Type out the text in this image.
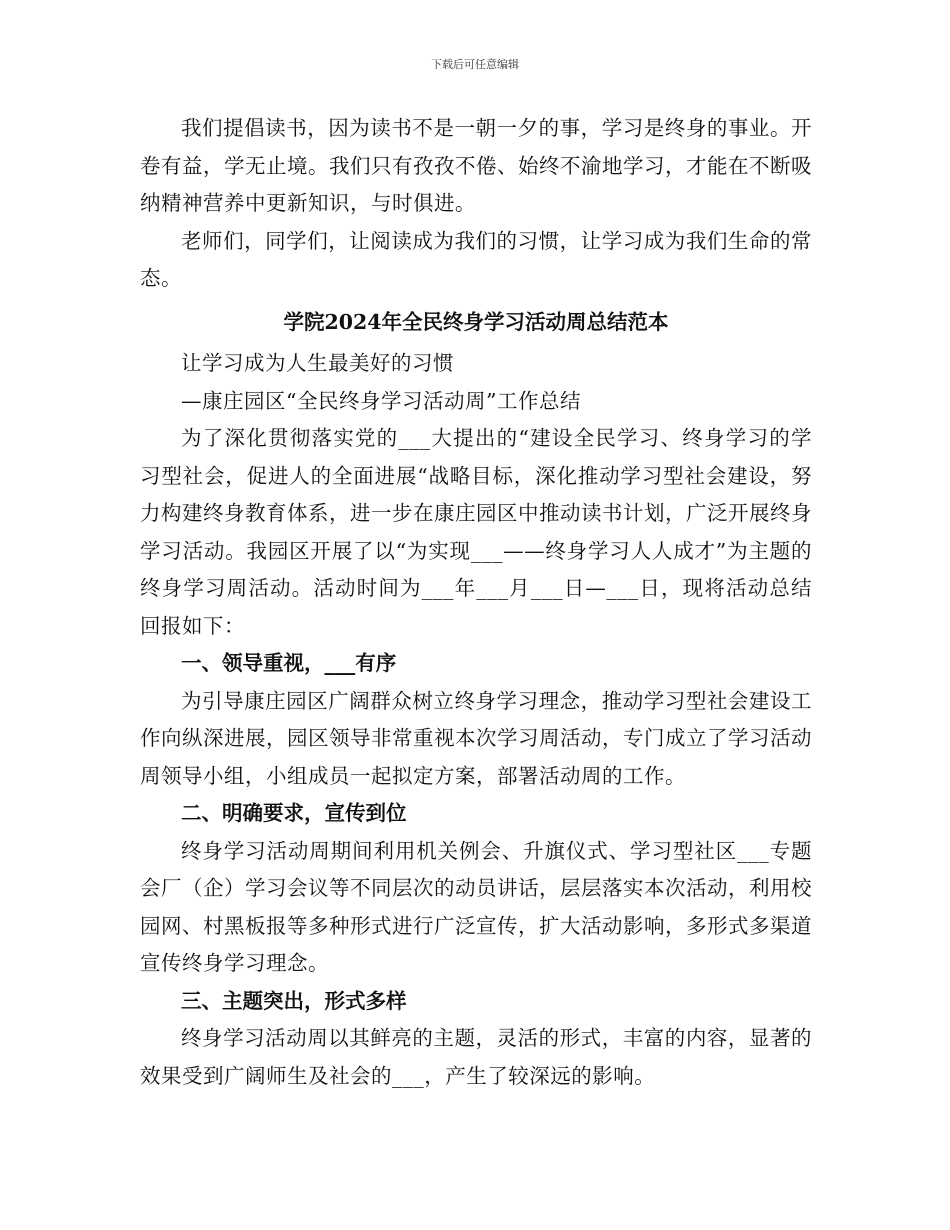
下载后可任意编辑

我们提倡读书，因为读书不是一朝一夕的事，学习是终身的事业。开卷有益，学无止境。我们只有孜孜不倦、始终不渝地学习，才能在不断吸纳精神营养中更新知识，与时俱进。

老师们，同学们，让阅读成为我们的习惯，让学习成为我们生命的常态。

学院2024年全民终身学习活动周总结范本

让学习成为人生最美好的习惯

—康庄园区“全民终身学习活动周”工作总结

为了深化贯彻落实党的___大提出的“建设全民学习、终身学习的学习型社会，促进人的全面进展“战略目标，深化推动学习型社会建设，努力构建终身教育体系，进一步在康庄园区中推动读书计划，广泛开展终身学习活动。我园区开展了以“为实现___——终身学习人人成才”为主题的终身学习周活动。活动时间为___年___月___日—___日，现将活动总结回报如下：

一、领导重视，___有序

为引导康庄园区广阔群众树立终身学习理念，推动学习型社会建设工作向纵深进展，园区领导非常重视本次学习周活动，专门成立了学习活动周领导小组，小组成员一起拟定方案，部署活动周的工作。

二、明确要求，宣传到位

终身学习活动周期间利用机关例会、升旗仪式、学习型社区___专题会厂（企）学习会议等不同层次的动员讲话，层层落实本次活动，利用校园网、村黑板报等多种形式进行广泛宣传，扩大活动影响，多形式多渠道宣传终身学习理念。

三、主题突出，形式多样

终身学习活动周以其鲜亮的主题，灵活的形式，丰富的内容，显著的效果受到广阔师生及社会的___，产生了较深远的影响。
